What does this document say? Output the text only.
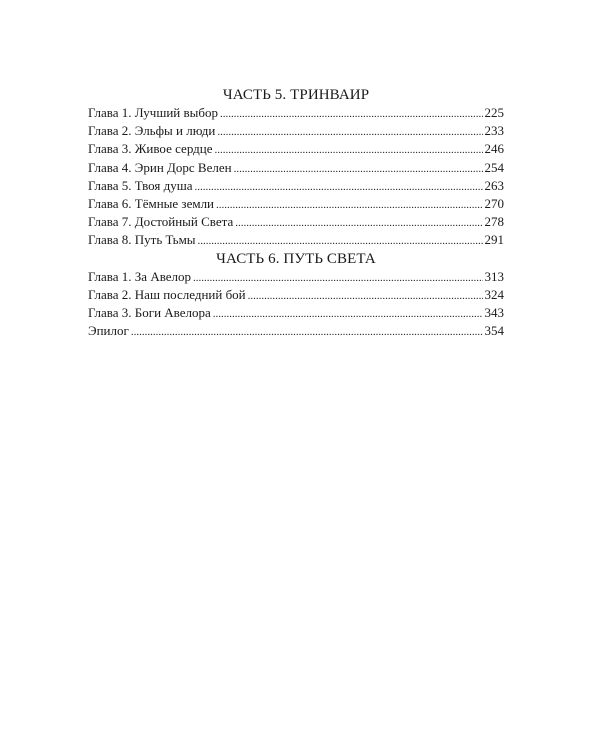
ЧАСТЬ 5. ТРИНВАИР
Глава 1. Лучший выбор .....	225
Глава 2. Эльфы и люди .....	233
Глава 3. Живое сердце .....	246
Глава 4. Эрин Дорс Велен .....	254
Глава 5. Твоя душа .....	263
Глава 6. Тёмные земли .....	270
Глава 7. Достойный Света .....	278
Глава 8. Путь Тьмы .....	291
ЧАСТЬ 6. ПУТЬ СВЕТА
Глава 1. За Авелор .....	313
Глава 2. Наш последний бой .....	324
Глава 3. Боги Авелора .....	343
Эпилог .....	354
